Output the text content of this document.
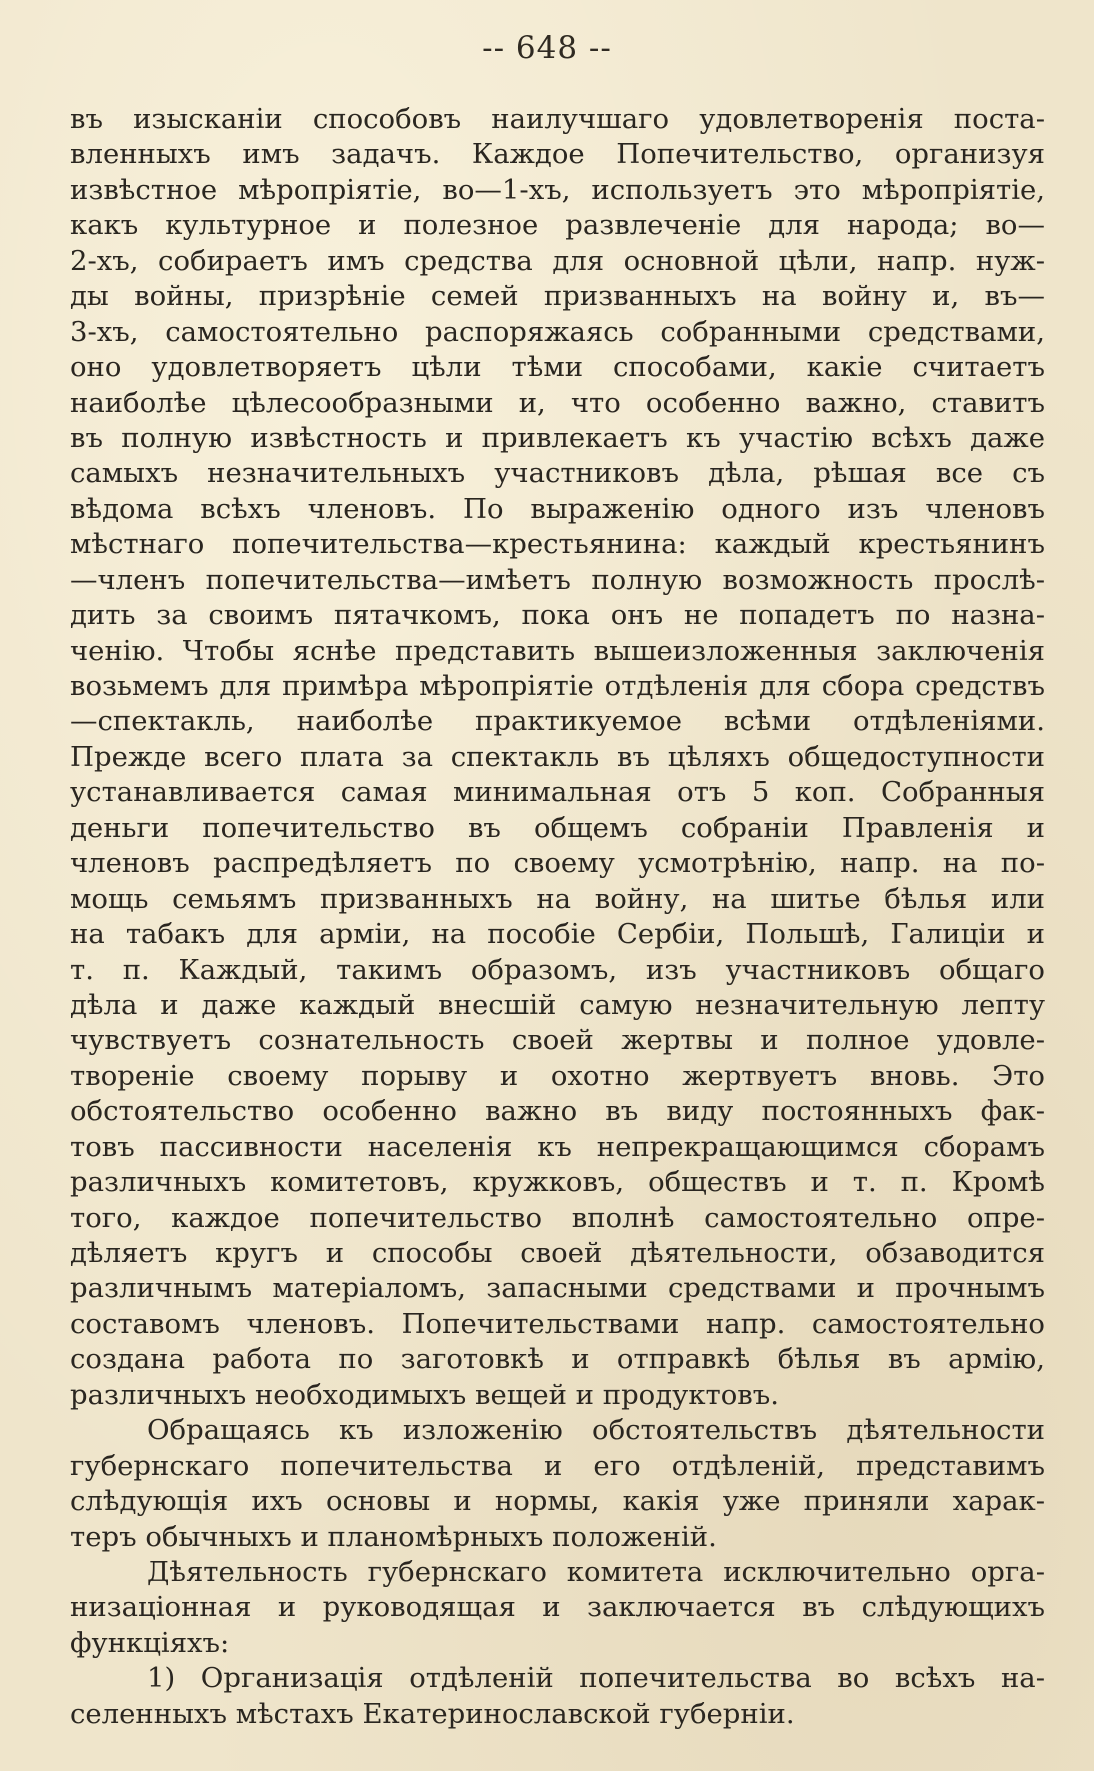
-- 648 --
въ изысканіи способовъ наилучшаго удовлетворенія поста-
вленныхъ имъ задачъ. Каждое Попечительство, организуя
извѣстное мѣропріятіе, во—1-хъ, используетъ это мѣропріятіе,
какъ культурное и полезное развлеченіе для народа; во—
2-хъ, собираетъ имъ средства для основной цѣли, напр. нуж-
ды войны, призрѣніе семей призванныхъ на войну и, въ—
3-хъ, самостоятельно распоряжаясь собранными средствами,
оно удовлетворяетъ цѣли тѣми способами, какіе считаетъ
наиболѣе цѣлесообразными и, что особенно важно, ставитъ
въ полную извѣстность и привлекаетъ къ участію всѣхъ даже
самыхъ незначительныхъ участниковъ дѣла, рѣшая все съ
вѣдома всѣхъ членовъ. По выраженію одного изъ членовъ
мѣстнаго попечительства—крестьянина: каждый крестьянинъ
—членъ попечительства—имѣетъ полную возможность прослѣ-
дить за своимъ пятачкомъ, пока онъ не попадетъ по назна-
ченію. Чтобы яснѣе представить вышеизложенныя заключенія
возьмемъ для примѣра мѣропріятіе отдѣленія для сбора средствъ
—спектакль, наиболѣе практикуемое всѣми отдѣленіями.
Прежде всего плата за спектакль въ цѣляхъ общедоступности
устанавливается самая минимальная отъ 5 коп. Собранныя
деньги попечительство въ общемъ собраніи Правленія и
членовъ распредѣляетъ по своему усмотрѣнію, напр. на по-
мощь семьямъ призванныхъ на войну, на шитье бѣлья или
на табакъ для арміи, на пособіе Сербіи, Польшѣ, Галиціи и
т. п. Каждый, такимъ образомъ, изъ участниковъ общаго
дѣла и даже каждый внесшій самую незначительную лепту
чувствуетъ сознательность своей жертвы и полное удовле-
твореніе своему порыву и охотно жертвуетъ вновь. Это
обстоятельство особенно важно въ виду постоянныхъ фак-
товъ пассивности населенія къ непрекращающимся сборамъ
различныхъ комитетовъ, кружковъ, обществъ и т. п. Кромѣ
того, каждое попечительство вполнѣ самостоятельно опре-
дѣляетъ кругъ и способы своей дѣятельности, обзаводится
различнымъ матеріаломъ, запасными средствами и прочнымъ
составомъ членовъ. Попечительствами напр. самостоятельно
создана работа по заготовкѣ и отправкѣ бѣлья въ армію,
различныхъ необходимыхъ вещей и продуктовъ.
Обращаясь къ изложенію обстоятельствъ дѣятельности
губернскаго попечительства и его отдѣленій, представимъ
слѣдующія ихъ основы и нормы, какія уже приняли харак-
теръ обычныхъ и планомѣрныхъ положеній.
Дѣятельность губернскаго комитета исключительно орга-
низаціонная и руководящая и заключается въ слѣдующихъ
функціяхъ:
1) Организація отдѣленій попечительства во всѣхъ на-
селенныхъ мѣстахъ Екатеринославской губерніи.
